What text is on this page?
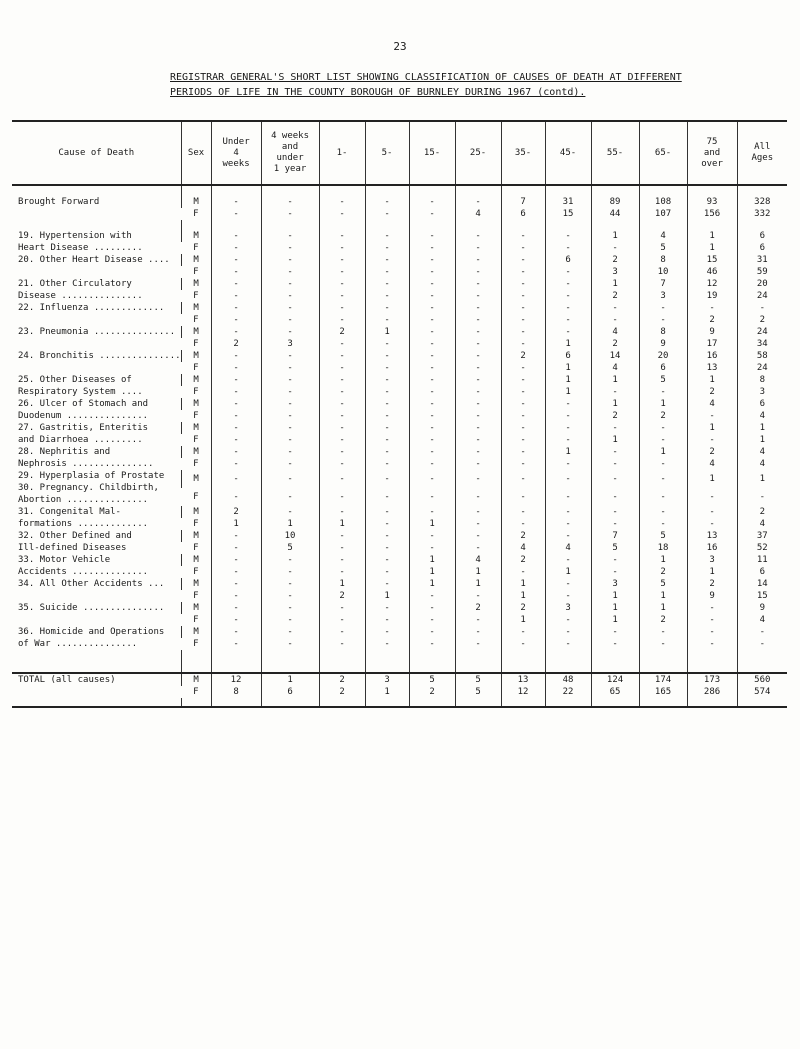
23
REGISTRAR GENERAL'S SHORT LIST SHOWING CLASSIFICATION OF CAUSES OF DEATH AT DIFFERENT
PERIODS OF LIFE IN THE COUNTY BOROUGH OF BURNLEY DURING 1967 (contd).
Cause of Death	Sex	Under
4
weeks	4 weeks
and
under
1 year	1-	5-	15-	25-	35-	45-	55-	65-	75
and
over	All
Ages

Brought Forward	M	-	-	-	-	-	-	7	31	89	108	93	328
	F	-	-	-	-	-	4	6	15	44	107	156	332

19. Hypertension with
Heart Disease .........	M	-	-	-	-	-	-	-	-	1	4	1	6
	F	-	-	-	-	-	-	-	-	-	5	1	6

20. Other Heart Disease ....	M	-	-	-	-	-	-	-	6	2	8	15	31
	F	-	-	-	-	-	-	-	-	3	10	46	59

21. Other Circulatory
Disease ...............	M	-	-	-	-	-	-	-	-	1	7	12	20
	F	-	-	-	-	-	-	-	-	2	3	19	24

22. Influenza .............	M	-	-	-	-	-	-	-	-	-	-	-	-
	F	-	-	-	-	-	-	-	-	-	-	2	2

23. Pneumonia ...............	M	-	-	2	1	-	-	-	-	4	8	9	24
	F	2	3	-	-	-	-	-	1	2	9	17	34

24. Bronchitis ...............	M	-	-	-	-	-	-	2	6	14	20	16	58
	F	-	-	-	-	-	-	-	1	4	6	13	24

25. Other Diseases of
Respiratory System ....	M	-	-	-	-	-	-	-	1	1	5	1	8
	F	-	-	-	-	-	-	-	1	-	-	2	3

26. Ulcer of Stomach and
Duodenum ...............	M	-	-	-	-	-	-	-	-	1	1	4	6
	F	-	-	-	-	-	-	-	-	2	2	-	4

27. Gastritis, Enteritis
and Diarrhoea .........	M	-	-	-	-	-	-	-	-	-	-	1	1
	F	-	-	-	-	-	-	-	-	1	-	-	1

28. Nephritis and
Nephrosis ...............	M	-	-	-	-	-	-	-	1	-	1	2	4
	F	-	-	-	-	-	-	-	-	-	-	4	4

29. Hyperplasia of Prostate
30. Pregnancy. Childbirth,
Abortion ...............	M	-	-	-	-	-	-	-	-	-	-	1	1
	F	-	-	-	-	-	-	-	-	-	-	-	-

31. Congenital Mal-
formations .............	M	2	-	-	-	-	-	-	-	-	-	-	2
	F	1	1	1	-	1	-	-	-	-	-	-	4

32. Other Defined and
Ill-defined Diseases	M	-	10	-	-	-	-	2	-	7	5	13	37
	F	-	5	-	-	-	-	4	4	5	18	16	52

33. Motor Vehicle
Accidents ..............	M	-	-	-	-	1	4	2	-	-	1	3	11
	F	-	-	-	-	1	1	-	1	-	2	1	6

34. All Other Accidents ...	M	-	-	1	-	1	1	1	-	3	5	2	14
	F	-	-	2	1	-	-	1	-	1	1	9	15

35. Suicide ...............	M	-	-	-	-	-	2	2	3	1	1	-	9
	F	-	-	-	-	-	-	1	-	1	2	-	4

36. Homicide and Operations
of War ...............	M	-	-	-	-	-	-	-	-	-	-	-	-
	F	-	-	-	-	-	-	-	-	-	-	-	-

TOTAL (all causes)	M	12	1	2	3	5	5	13	48	124	174	173	560
	F	8	6	2	1	2	5	12	22	65	165	286	574
